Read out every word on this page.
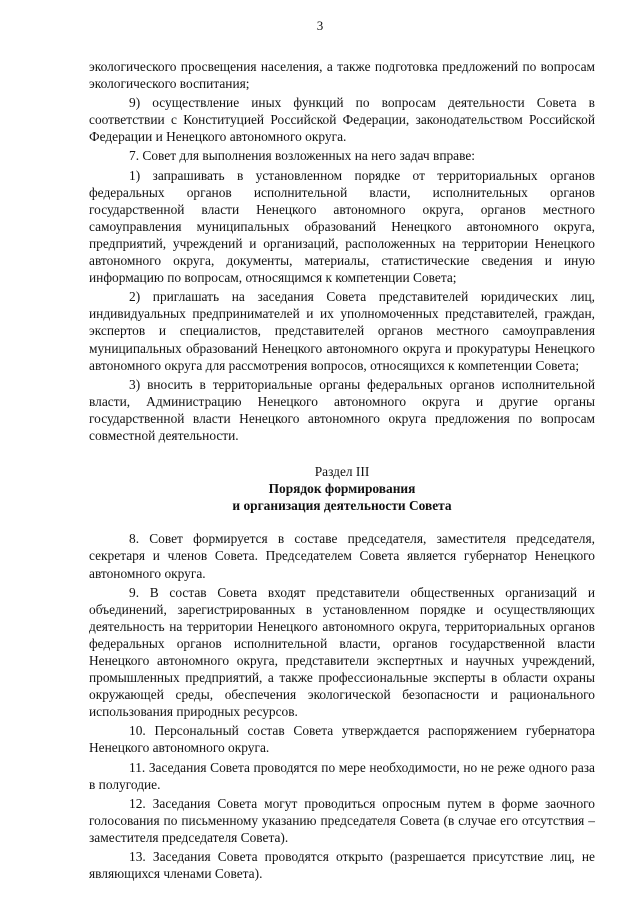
3

экологического просвещения населения, а также подготовка предложений по вопросам экологического воспитания;

9) осуществление иных функций по вопросам деятельности Совета в соответствии с Конституцией Российской Федерации, законодательством Российской Федерации и Ненецкого автономного округа.

7. Совет для выполнения возложенных на него задач вправе:

1) запрашивать в установленном порядке от территориальных органов федеральных органов исполнительной власти, исполнительных органов государственной власти Ненецкого автономного округа, органов местного самоуправления муниципальных образований Ненецкого автономного округа, предприятий, учреждений и организаций, расположенных на территории Ненецкого автономного округа, документы, материалы, статистические сведения и иную информацию по вопросам, относящимся к компетенции Совета;

2) приглашать на заседания Совета представителей юридических лиц, индивидуальных предпринимателей и их уполномоченных представителей, граждан, экспертов и специалистов, представителей органов местного самоуправления муниципальных образований Ненецкого автономного округа и прокуратуры Ненецкого автономного округа для рассмотрения вопросов, относящихся к компетенции Совета;

3) вносить в территориальные органы федеральных органов исполнительной власти, Администрацию Ненецкого автономного округа и другие органы государственной власти Ненецкого автономного округа предложения по вопросам совместной деятельности.

Раздел III
Порядок формирования
и организация деятельности Совета

8. Совет формируется в составе председателя, заместителя председателя, секретаря и членов Совета. Председателем Совета является губернатор Ненецкого автономного округа.

9. В состав Совета входят представители общественных организаций и объединений, зарегистрированных в установленном порядке и осуществляющих деятельность на территории Ненецкого автономного округа, территориальных органов федеральных органов исполнительной власти, органов государственной власти Ненецкого автономного округа, представители экспертных и научных учреждений, промышленных предприятий, а также профессиональные эксперты в области охраны окружающей среды, обеспечения экологической безопасности и рационального использования природных ресурсов.

10. Персональный состав Совета утверждается распоряжением губернатора Ненецкого автономного округа.

11. Заседания Совета проводятся по мере необходимости, но не реже одного раза в полугодие.

12. Заседания Совета могут проводиться опросным путем в форме заочного голосования по письменному указанию председателя Совета (в случае его отсутствия – заместителя председателя Совета).

13. Заседания Совета проводятся открыто (разрешается присутствие лиц, не являющихся членами Совета).
